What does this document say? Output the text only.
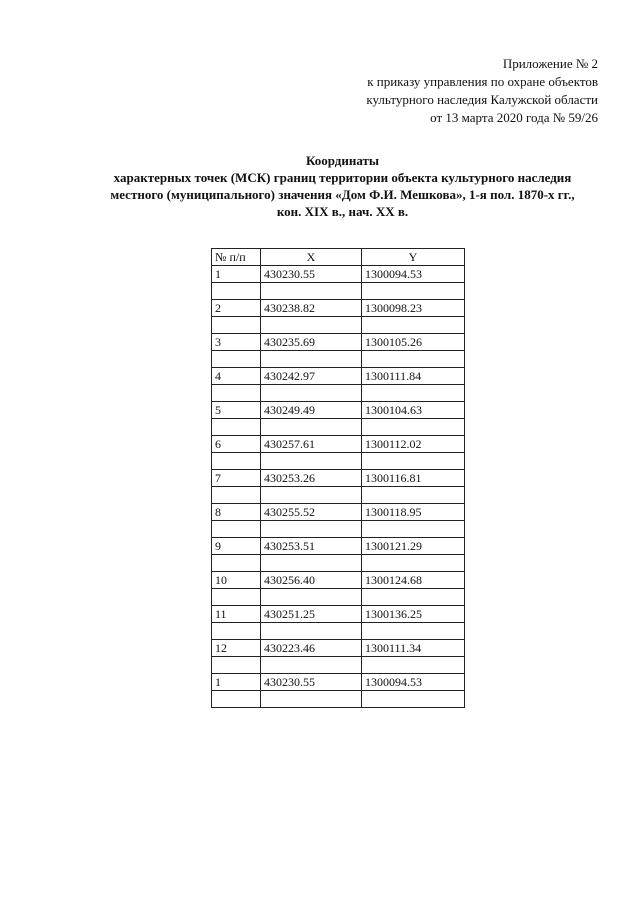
Приложение № 2
к приказу управления по охране объектов
культурного наследия Калужской области
от 13 марта 2020 года № 59/26
Координаты
характерных точек (МСК) границ территории объекта культурного наследия
местного (муниципального) значения «Дом Ф.И. Мешкова», 1-я пол. 1870-х гг.,
кон. XIX в., нач. XX в.
№ п/п	X	Y
1	430230.55	1300094.53

2	430238.82	1300098.23

3	430235.69	1300105.26

4	430242.97	1300111.84

5	430249.49	1300104.63

6	430257.61	1300112.02

7	430253.26	1300116.81

8	430255.52	1300118.95

9	430253.51	1300121.29

10	430256.40	1300124.68

11	430251.25	1300136.25

12	430223.46	1300111.34

1	430230.55	1300094.53
